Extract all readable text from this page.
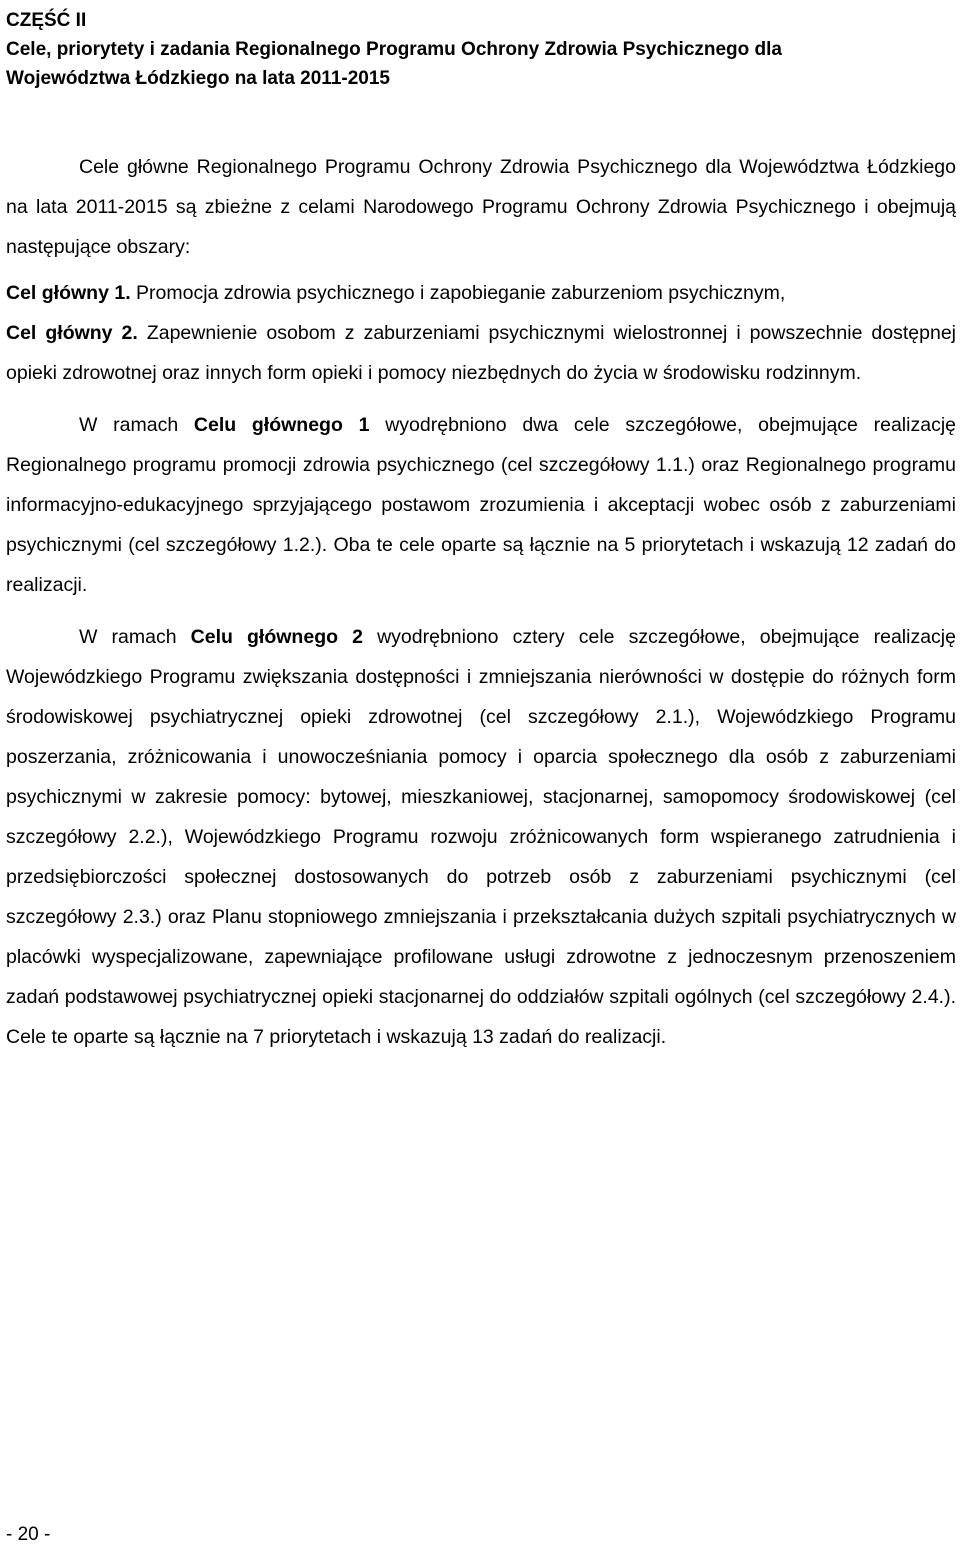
CZĘŚĆ II
Cele, priorytety i zadania Regionalnego Programu Ochrony Zdrowia Psychicznego dla
Województwa Łódzkiego na lata 2011-2015

Cele główne Regionalnego Programu Ochrony Zdrowia Psychicznego dla Województwa Łódzkiego na lata 2011-2015 są zbieżne z celami Narodowego Programu Ochrony Zdrowia Psychicznego i obejmują następujące obszary:

Cel główny 1. Promocja zdrowia psychicznego i zapobieganie zaburzeniom psychicznym,

Cel główny 2. Zapewnienie osobom z zaburzeniami psychicznymi wielostronnej i powszechnie dostępnej opieki zdrowotnej oraz innych form opieki i pomocy niezbędnych do życia w środowisku rodzinnym.

W ramach Celu głównego 1 wyodrębniono dwa cele szczegółowe, obejmujące realizację Regionalnego programu promocji zdrowia psychicznego (cel szczegółowy 1.1.) oraz Regionalnego programu informacyjno-edukacyjnego sprzyjającego postawom zrozumienia i akceptacji wobec osób z zaburzeniami psychicznymi (cel szczegółowy 1.2.). Oba te cele oparte są łącznie na 5 priorytetach i wskazują 12 zadań do realizacji.

W ramach Celu głównego 2 wyodrębniono cztery cele szczegółowe, obejmujące realizację Wojewódzkiego Programu zwiększania dostępności i zmniejszania nierówności w dostępie do różnych form środowiskowej psychiatrycznej opieki zdrowotnej (cel szczegółowy 2.1.), Wojewódzkiego Programu poszerzania, zróżnicowania i unowocześniania pomocy i oparcia społecznego dla osób z zaburzeniami psychicznymi w zakresie pomocy: bytowej, mieszkaniowej, stacjonarnej, samopomocy środowiskowej (cel szczegółowy 2.2.), Wojewódzkiego Programu rozwoju zróżnicowanych form wspieranego zatrudnienia i przedsiębiorczości społecznej dostosowanych do potrzeb osób z zaburzeniami psychicznymi (cel szczegółowy 2.3.) oraz Planu stopniowego zmniejszania i przekształcania dużych szpitali psychiatrycznych w placówki wyspecjalizowane, zapewniające profilowane usługi zdrowotne z jednoczesnym przenoszeniem zadań podstawowej psychiatrycznej opieki stacjonarnej do oddziałów szpitali ogólnych (cel szczegółowy 2.4.). Cele te oparte są łącznie na 7 priorytetach i wskazują 13 zadań do realizacji.

- 20 -
